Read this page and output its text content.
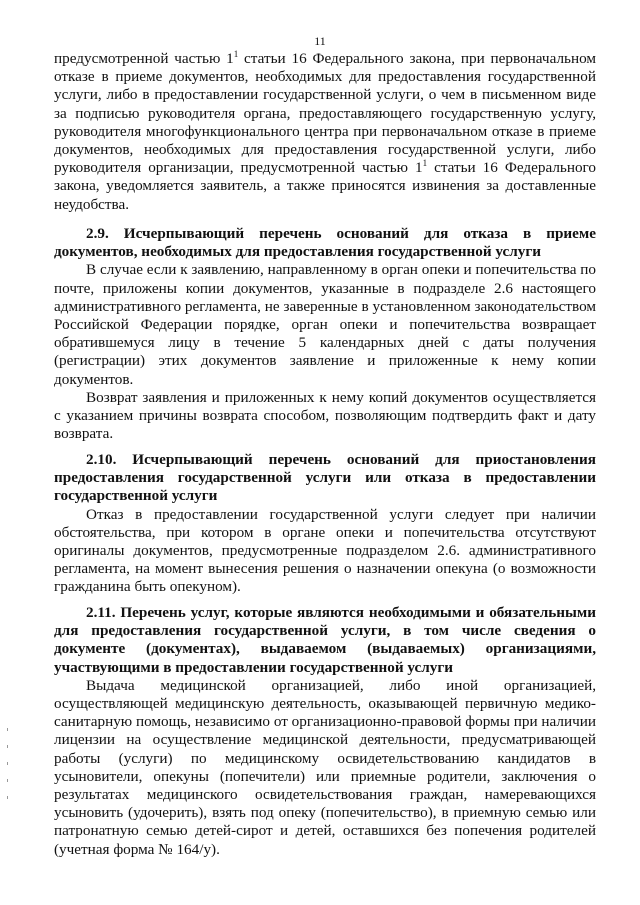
11

предусмотренной частью $1^1$ статьи 16 Федерального закона, при первоначальном отказе в приеме документов, необходимых для предоставления государственной услуги, либо в предоставлении государственной услуги, о чем в письменном виде за подписью руководителя органа, предоставляющего государственную услугу, руководителя многофункционального центра при первоначальном отказе в приеме документов, необходимых для предоставления государственной услуги, либо руководителя организации, предусмотренной частью $1^1$ статьи 16 Федерального закона, уведомляется заявитель, а также приносятся извинения за доставленные неудобства.

2.9. Исчерпывающий перечень оснований для отказа в приеме документов, необходимых для предоставления государственной услуги

В случае если к заявлению, направленному в орган опеки и попечительства по почте, приложены копии документов, указанные в подразделе 2.6 настоящего административного регламента, не заверенные в установленном законодательством Российской Федерации порядке, орган опеки и попечительства возвращает обратившемуся лицу в течение 5 календарных дней с даты получения (регистрации) этих документов заявление и приложенные к нему копии документов.

Возврат заявления и приложенных к нему копий документов осуществляется с указанием причины возврата способом, позволяющим подтвердить факт и дату возврата.

2.10. Исчерпывающий перечень оснований для приостановления предоставления государственной услуги или отказа в предоставлении государственной услуги

Отказ в предоставлении государственной услуги следует при наличии обстоятельства, при котором в органе опеки и попечительства отсутствуют оригиналы документов, предусмотренные подразделом 2.6. административного регламента, на момент вынесения решения о назначении опекуна (о возможности гражданина быть опекуном).

2.11. Перечень услуг, которые являются необходимыми и обязательными для предоставления государственной услуги, в том числе сведения о документе (документах), выдаваемом (выдаваемых) организациями, участвующими в предоставлении государственной услуги

Выдача медицинской организацией, либо иной организацией, осуществляющей медицинскую деятельность, оказывающей первичную медико-санитарную помощь, независимо от организационно-правовой формы при наличии лицензии на осуществление медицинской деятельности, предусматривающей работы (услуги) по медицинскому освидетельствованию кандидатов в усыновители, опекуны (попечители) или приемные родители, заключения о результатах медицинского освидетельствования граждан, намеревающихся усыновить (удочерить), взять под опеку (попечительство), в приемную семью или патронатную семью детей-сирот и детей, оставшихся без попечения родителей (учетная форма № 164/у).
